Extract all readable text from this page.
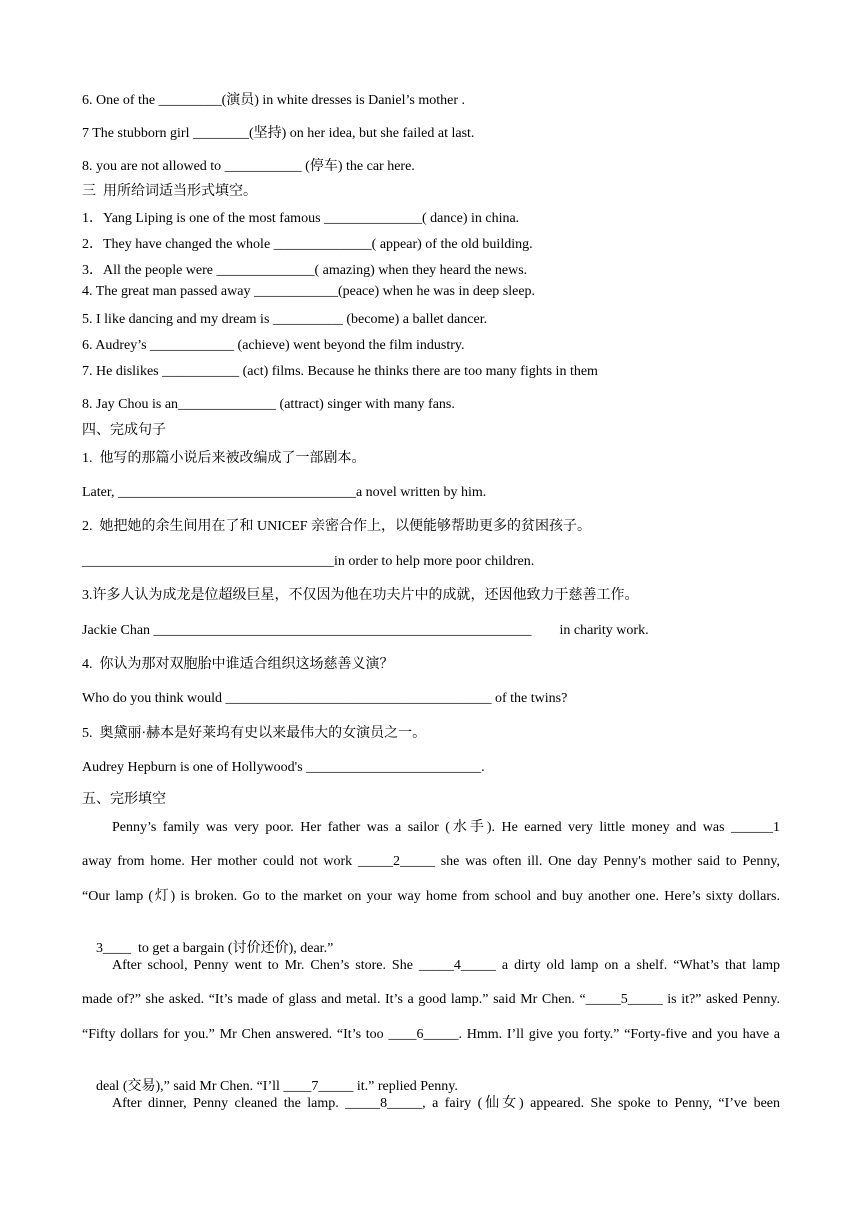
6. One of the _________(演员) in white dresses is Daniel’s mother .
7 The stubborn girl ________(坚持) on her idea, but she failed at last.
8. you are not allowed to ___________ (停车) the car here.
三  用所给词适当形式填空。
1．Yang Liping is one of the most famous ______________( dance) in china.
2．They have changed the whole ______________( appear) of the old building.
3．All the people were ______________( amazing) when they heard the news.
4. The great man passed away ____________(peace) when he was in deep sleep.
5. I like dancing and my dream is __________ (become) a ballet dancer.
6. Audrey’s ____________ (achieve) went beyond the film industry.
7. He dislikes ___________ (act) films. Because he thinks there are too many fights in them
8. Jay Chou is an______________ (attract) singer with many fans.
四、完成句子
1.  他写的那篇小说后来被改编成了一部剧本。
Later, __________________________________a novel written by him.
2.  她把她的余生间用在了和 UNICEF 亲密合作上，以便能够帮助更多的贫困孩子。
____________________________________in order to help more poor children.
3.许多人认为成龙是位超级巨星，不仅因为他在功夫片中的成就，还因他致力于慈善工作。
Jackie Chan ______________________________________________________        in charity work.
4.  你认为那对双胞胎中谁适合组织这场慈善义演？
Who do you think would ______________________________________ of the twins?
5.  奥黛丽·赫本是好莱坞有史以来最伟大的女演员之一。
Audrey Hepburn is one of Hollywood's _________________________.
五、完形填空
Penny’s family was very poor. Her father was a sailor (水手). He earned very little money and was ______1
away from home. Her mother could not work _____2_____ she was often ill. One day Penny's mother said to Penny,
“Our lamp (灯) is broken. Go to the market on your way home from school and buy another one. Here’s sixty dollars.

3____  to get a bargain (讨价还价), dear.”

After school, Penny went to Mr. Chen’s store. She _____4_____ a dirty old lamp on a shelf. “What’s that lamp
made of?” she asked. “It’s made of glass and metal. It’s a good lamp.” said Mr Chen. “_____5_____ is it?” asked Penny.
“Fifty dollars for you.” Mr Chen answered. “It’s too ____6_____. Hmm. I’ll give you forty.” “Forty-five and you have a

deal (交易),” said Mr Chen. “I’ll ____7_____ it.” replied Penny.

After dinner, Penny cleaned the lamp. _____8_____, a fairy (仙女) appeared. She spoke to Penny, “I’ve been
